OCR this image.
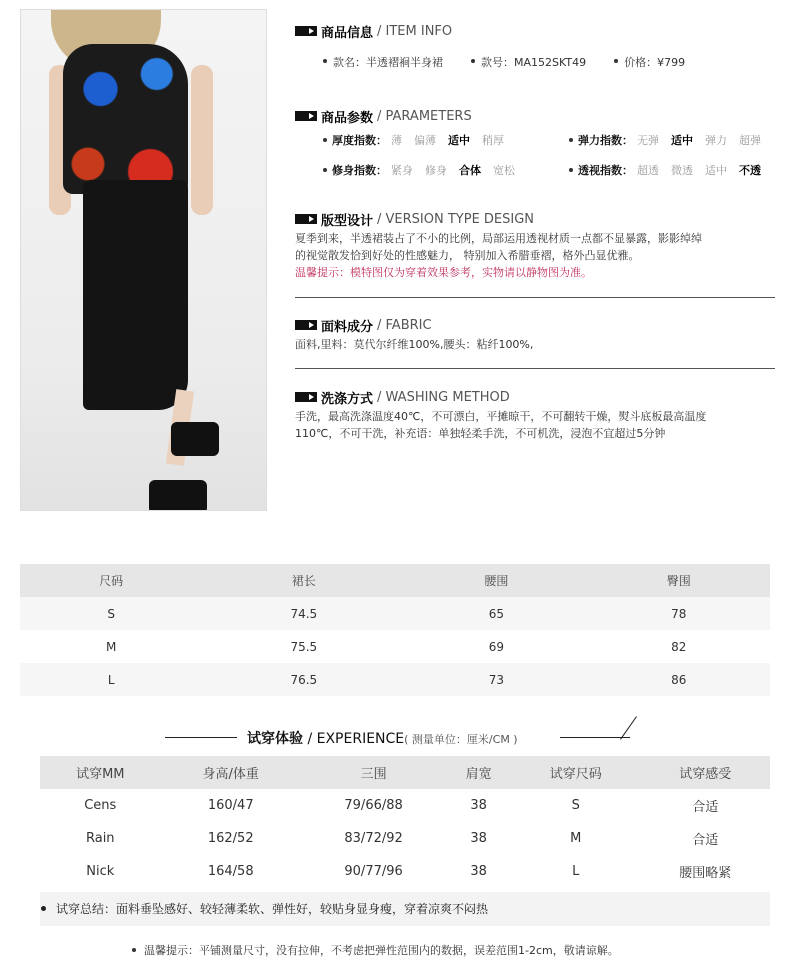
商品信息 / ITEM INFO
款名：半透褶裥半身裙	款号：MA152SKT49	价格：¥799
商品参数 / PARAMETERS
厚度指数： 薄 偏薄 适中 稍厚	弹力指数： 无弹 适中 弹力 超弹
修身指数： 紧身 修身 合体 宽松	透视指数： 超透 微透 适中 不透
版型设计 / VERSION TYPE DESIGN
夏季到来，半透裙装占了不小的比例，局部运用透视材质一点都不显暴露，影影绰绰
的视觉散发恰到好处的性感魅力， 特别加入希腊垂褶，格外凸显优雅。
温馨提示：模特图仅为穿着效果参考，实物请以静物图为准。
面料成分 / FABRIC
面料,里料：莫代尔纤维100%,腰头：粘纤100%,
洗涤方式 / WASHING METHOD
手洗，最高洗涤温度40℃，不可漂白，平摊晾干，不可翻转干燥，熨斗底板最高温度
110℃，不可干洗，补充语：单独轻柔手洗，不可机洗，浸泡不宜超过5分钟
尺码	裙长	腰围	臀围
S	74.5	65	78
M	75.5	69	82
L	76.5	73	86
试穿体验 / EXPERIENCE( 测量单位：厘米/CM )
试穿MM	身高/体重	三围	肩宽	试穿尺码	试穿感受
Cens	160/47	79/66/88	38	S	合适
Rain	162/52	83/72/92	38	M	合适
Nick	164/58	90/77/96	38	L	腰围略紧
试穿总结：面料垂坠感好、较轻薄柔软、弹性好，较贴身显身瘦，穿着凉爽不闷热
温馨提示：平铺测量尺寸，没有拉伸，不考虑把弹性范围内的数据，误差范围1-2cm，敬请谅解。
